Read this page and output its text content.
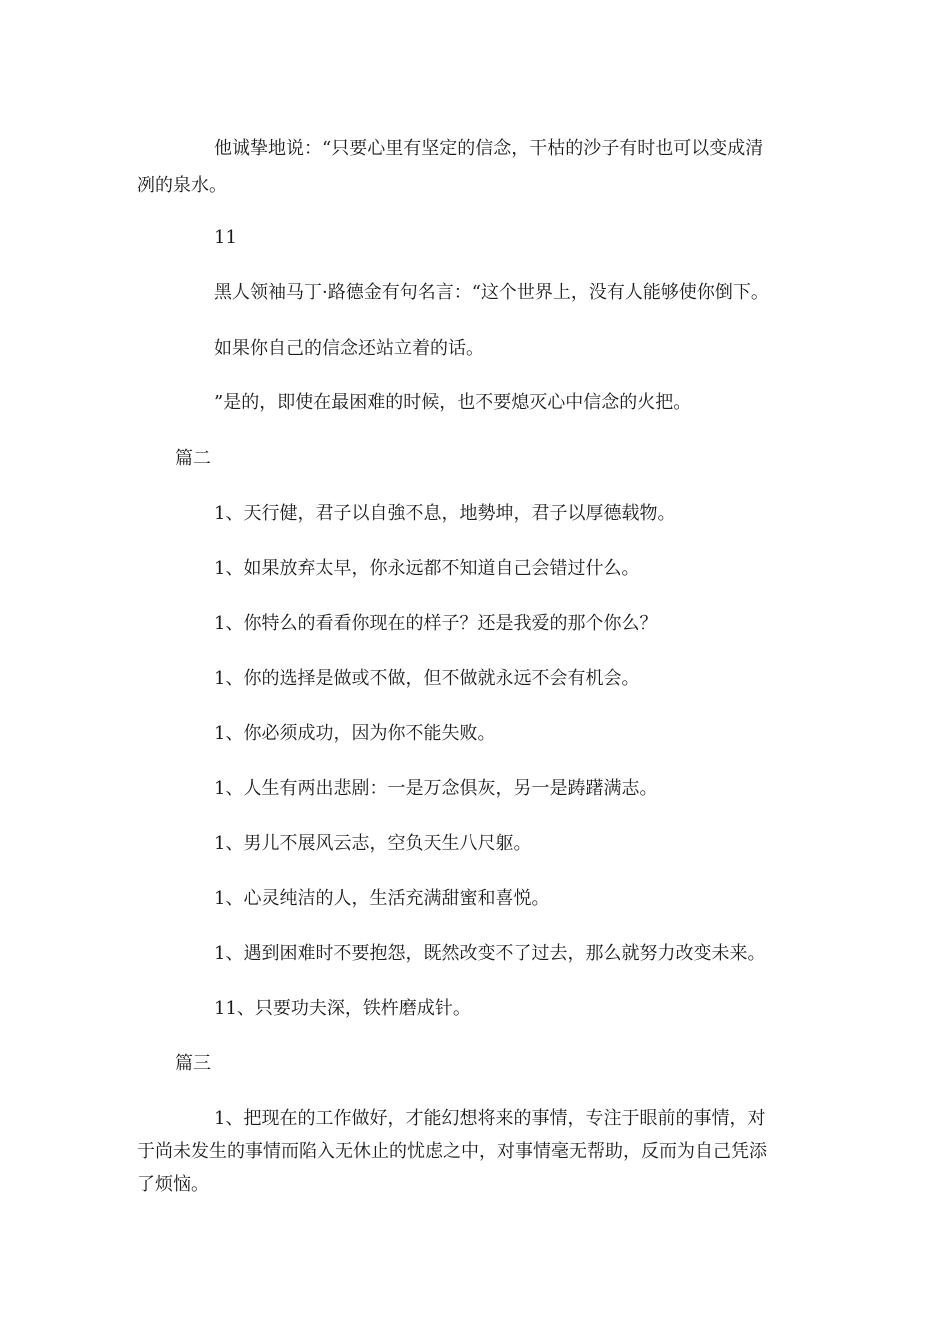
他诚挚地说：“只要心里有坚定的信念，干枯的沙子有时也可以变成清
冽的泉水。
11
黑人领袖马丁·路德金有句名言：“这个世界上，没有人能够使你倒下。
如果你自己的信念还站立着的话。
”是的，即使在最困难的时候，也不要熄灭心中信念的火把。
篇二
1、天行健，君子以自強不息，地勢坤，君子以厚德载物。
1、如果放弃太早，你永远都不知道自己会错过什么。
1、你特么的看看你现在的样子？还是我爱的那个你么？
1、你的选择是做或不做，但不做就永远不会有机会。
1、你必须成功，因为你不能失败。
1、人生有两出悲剧：一是万念俱灰，另一是踌躇满志。
1、男儿不展风云志，空负天生八尺躯。
1、心灵纯洁的人，生活充满甜蜜和喜悦。
1、遇到困难时不要抱怨，既然改变不了过去，那么就努力改变未来。
11、只要功夫深，铁杵磨成针。
篇三
1、把现在的工作做好，才能幻想将来的事情，专注于眼前的事情，对
于尚未发生的事情而陷入无休止的忧虑之中，对事情毫无帮助，反而为自己凭添
了烦恼。
